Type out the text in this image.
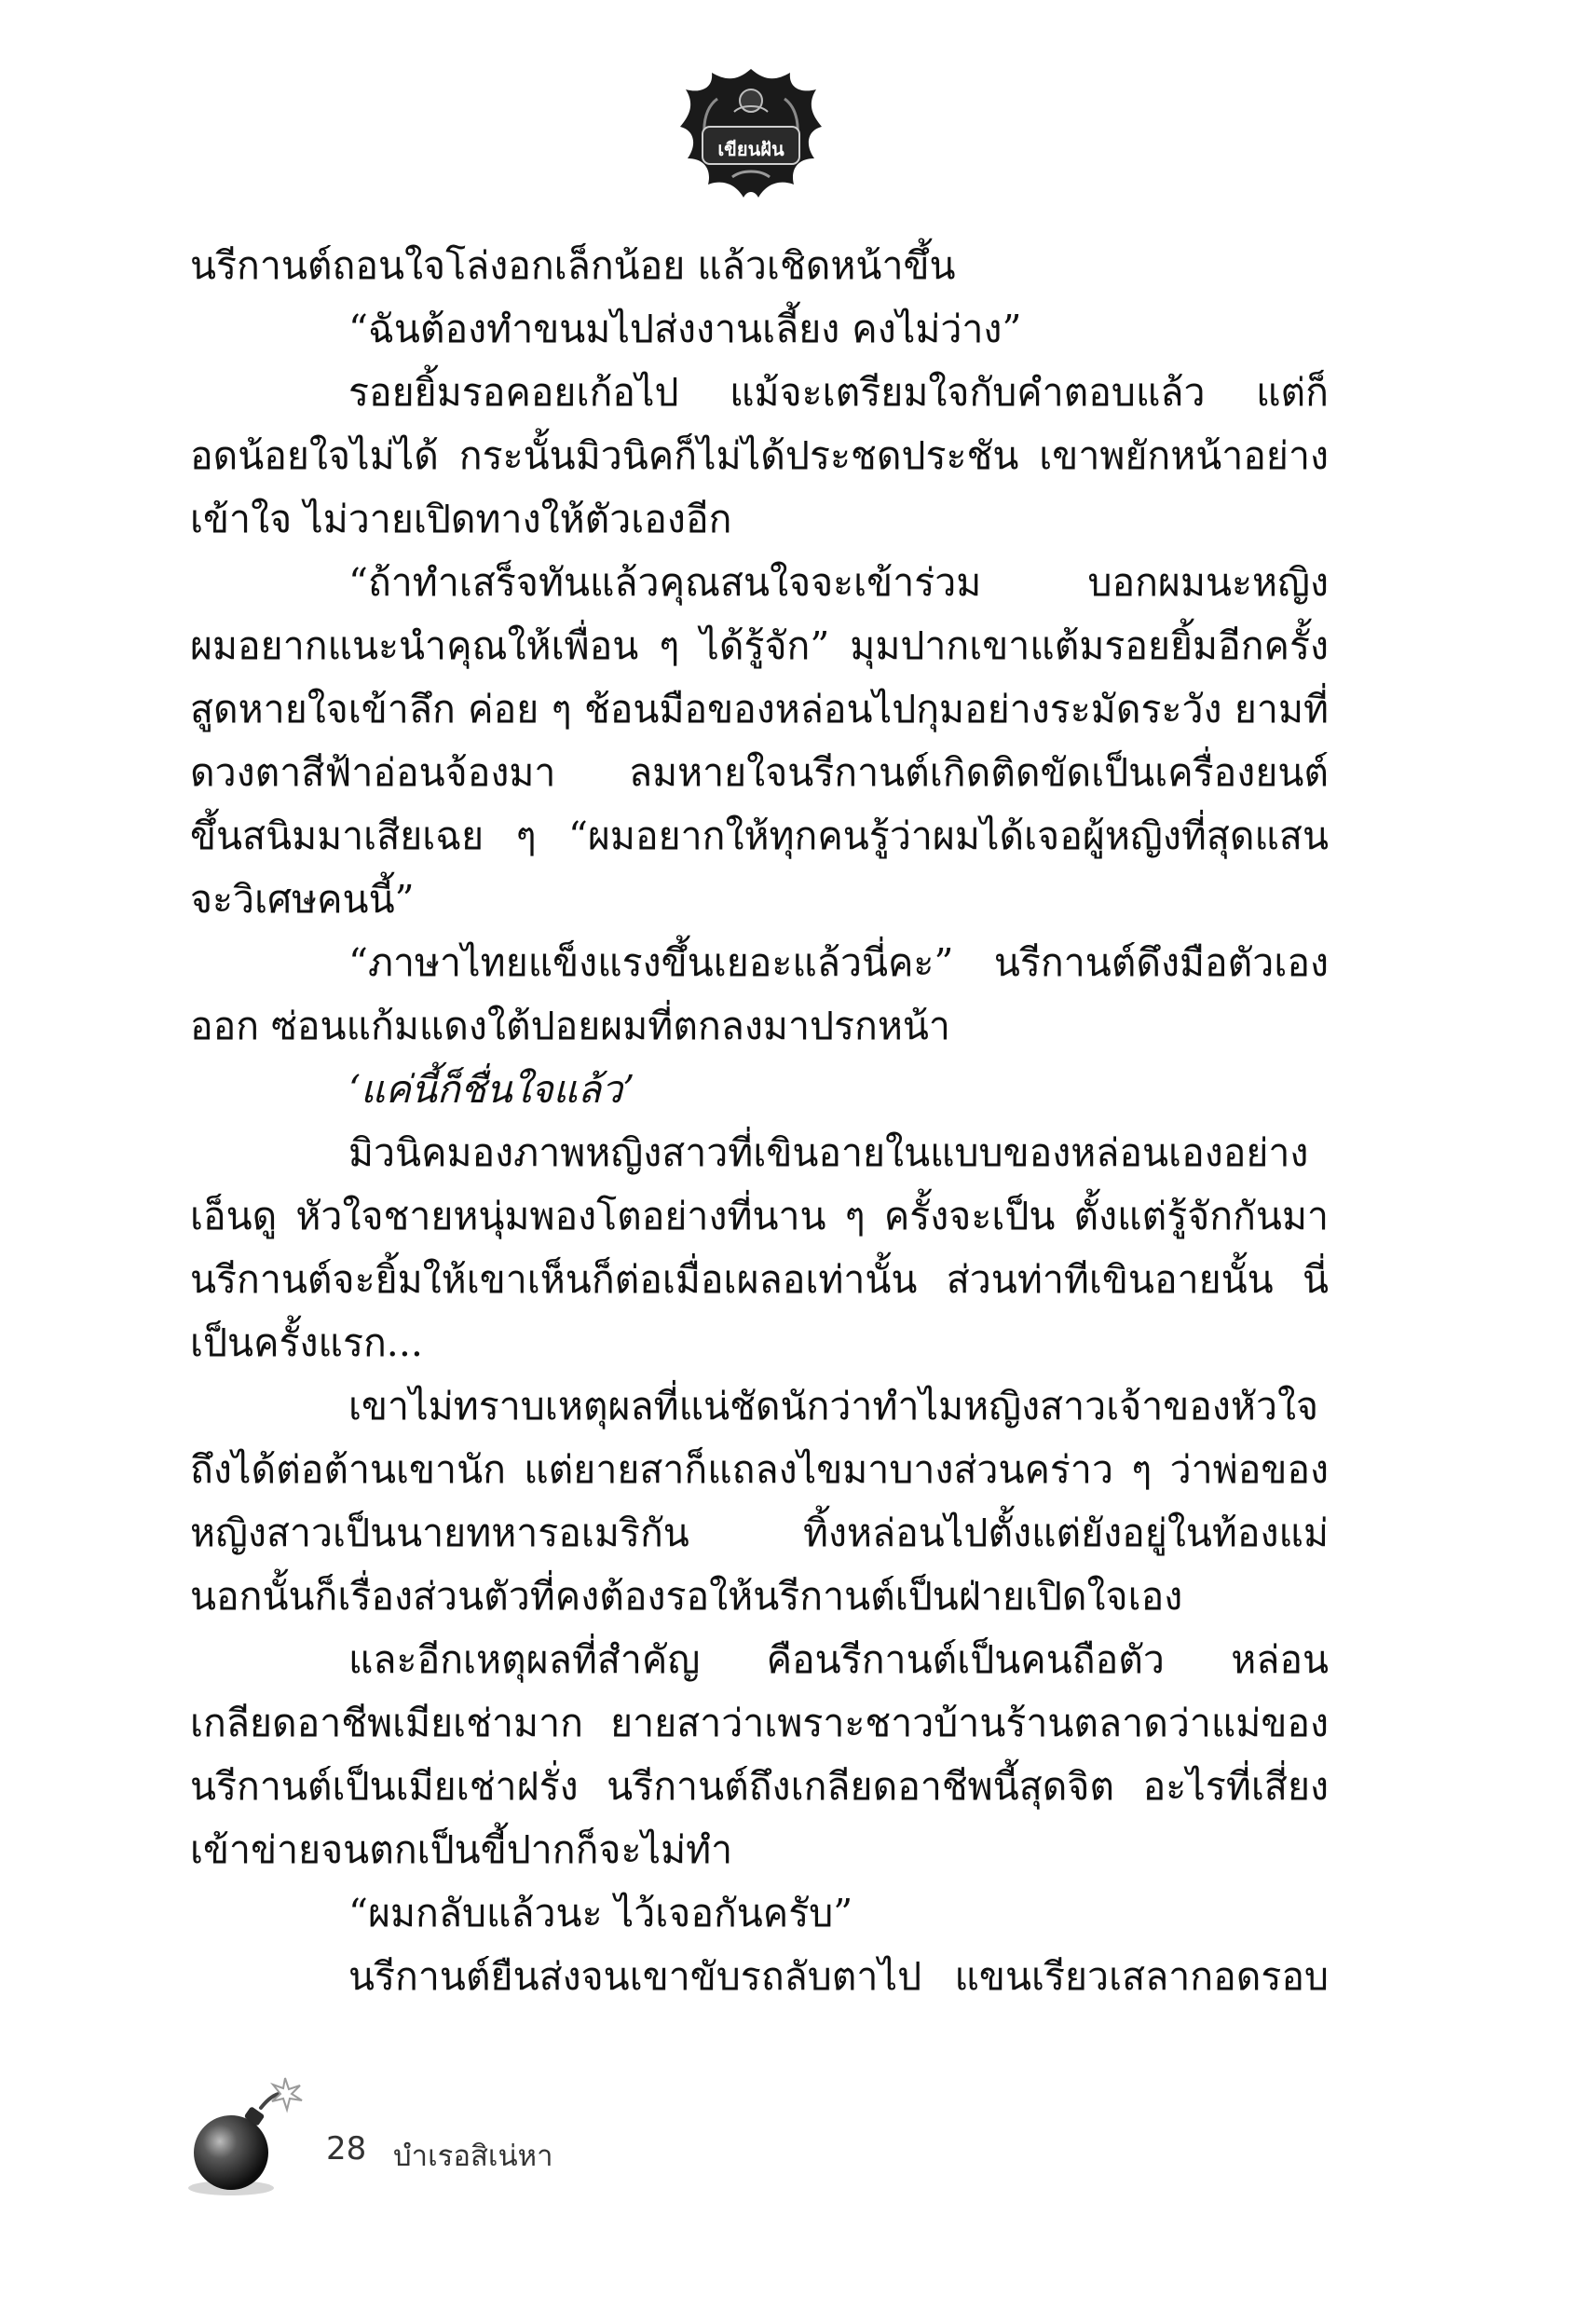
เขียนฝัน
นรีกานต์ถอนใจโล่งอกเล็กน้อย แล้วเชิดหน้าขึ้น
“ฉันต้องทำขนมไปส่งงานเลี้ยง คงไม่ว่าง”
รอยยิ้มรอคอยเก้อไป แม้จะเตรียมใจกับคำตอบแล้ว แต่ก็
อดน้อยใจไม่ได้ กระนั้นมิวนิคก็ไม่ได้ประชดประชัน เขาพยักหน้าอย่าง
เข้าใจ ไม่วายเปิดทางให้ตัวเองอีก
“ถ้าทำเสร็จทันแล้วคุณสนใจจะเข้าร่วม บอกผมนะหญิง
ผมอยากแนะนำคุณให้เพื่อน ๆ ได้รู้จัก” มุมปากเขาแต้มรอยยิ้มอีกครั้ง
สูดหายใจเข้าลึก ค่อย ๆ ช้อนมือของหล่อนไปกุมอย่างระมัดระวัง ยามที่
ดวงตาสีฟ้าอ่อนจ้องมา ลมหายใจนรีกานต์เกิดติดขัดเป็นเครื่องยนต์
ขึ้นสนิมมาเสียเฉย ๆ “ผมอยากให้ทุกคนรู้ว่าผมได้เจอผู้หญิงที่สุดแสน
จะวิเศษคนนี้”
“ภาษาไทยแข็งแรงขึ้นเยอะแล้วนี่คะ” นรีกานต์ดึงมือตัวเอง
ออก ซ่อนแก้มแดงใต้ปอยผมที่ตกลงมาปรกหน้า
‘แค่นี้ก็ชื่นใจแล้ว’
มิวนิคมองภาพหญิงสาวที่เขินอายในแบบของหล่อนเองอย่าง
เอ็นดู หัวใจชายหนุ่มพองโตอย่างที่นาน ๆ ครั้งจะเป็น ตั้งแต่รู้จักกันมา
นรีกานต์จะยิ้มให้เขาเห็นก็ต่อเมื่อเผลอเท่านั้น ส่วนท่าทีเขินอายนั้น นี่
เป็นครั้งแรก...
เขาไม่ทราบเหตุผลที่แน่ชัดนักว่าทำไมหญิงสาวเจ้าของหัวใจ
ถึงได้ต่อต้านเขานัก แต่ยายสาก็แถลงไขมาบางส่วนคร่าว ๆ ว่าพ่อของ
หญิงสาวเป็นนายทหารอเมริกัน ทิ้งหล่อนไปตั้งแต่ยังอยู่ในท้องแม่
นอกนั้นก็เรื่องส่วนตัวที่คงต้องรอให้นรีกานต์เป็นฝ่ายเปิดใจเอง
และอีกเหตุผลที่สำคัญ คือนรีกานต์เป็นคนถือตัว หล่อน
เกลียดอาชีพเมียเช่ามาก ยายสาว่าเพราะชาวบ้านร้านตลาดว่าแม่ของ
นรีกานต์เป็นเมียเช่าฝรั่ง นรีกานต์ถึงเกลียดอาชีพนี้สุดจิต อะไรที่เสี่ยง
เข้าข่ายจนตกเป็นขี้ปากก็จะไม่ทำ
“ผมกลับแล้วนะ ไว้เจอกันครับ”
นรีกานต์ยืนส่งจนเขาขับรถลับตาไป แขนเรียวเสลากอดรอบ
28 บำเรอสิเน่หา
